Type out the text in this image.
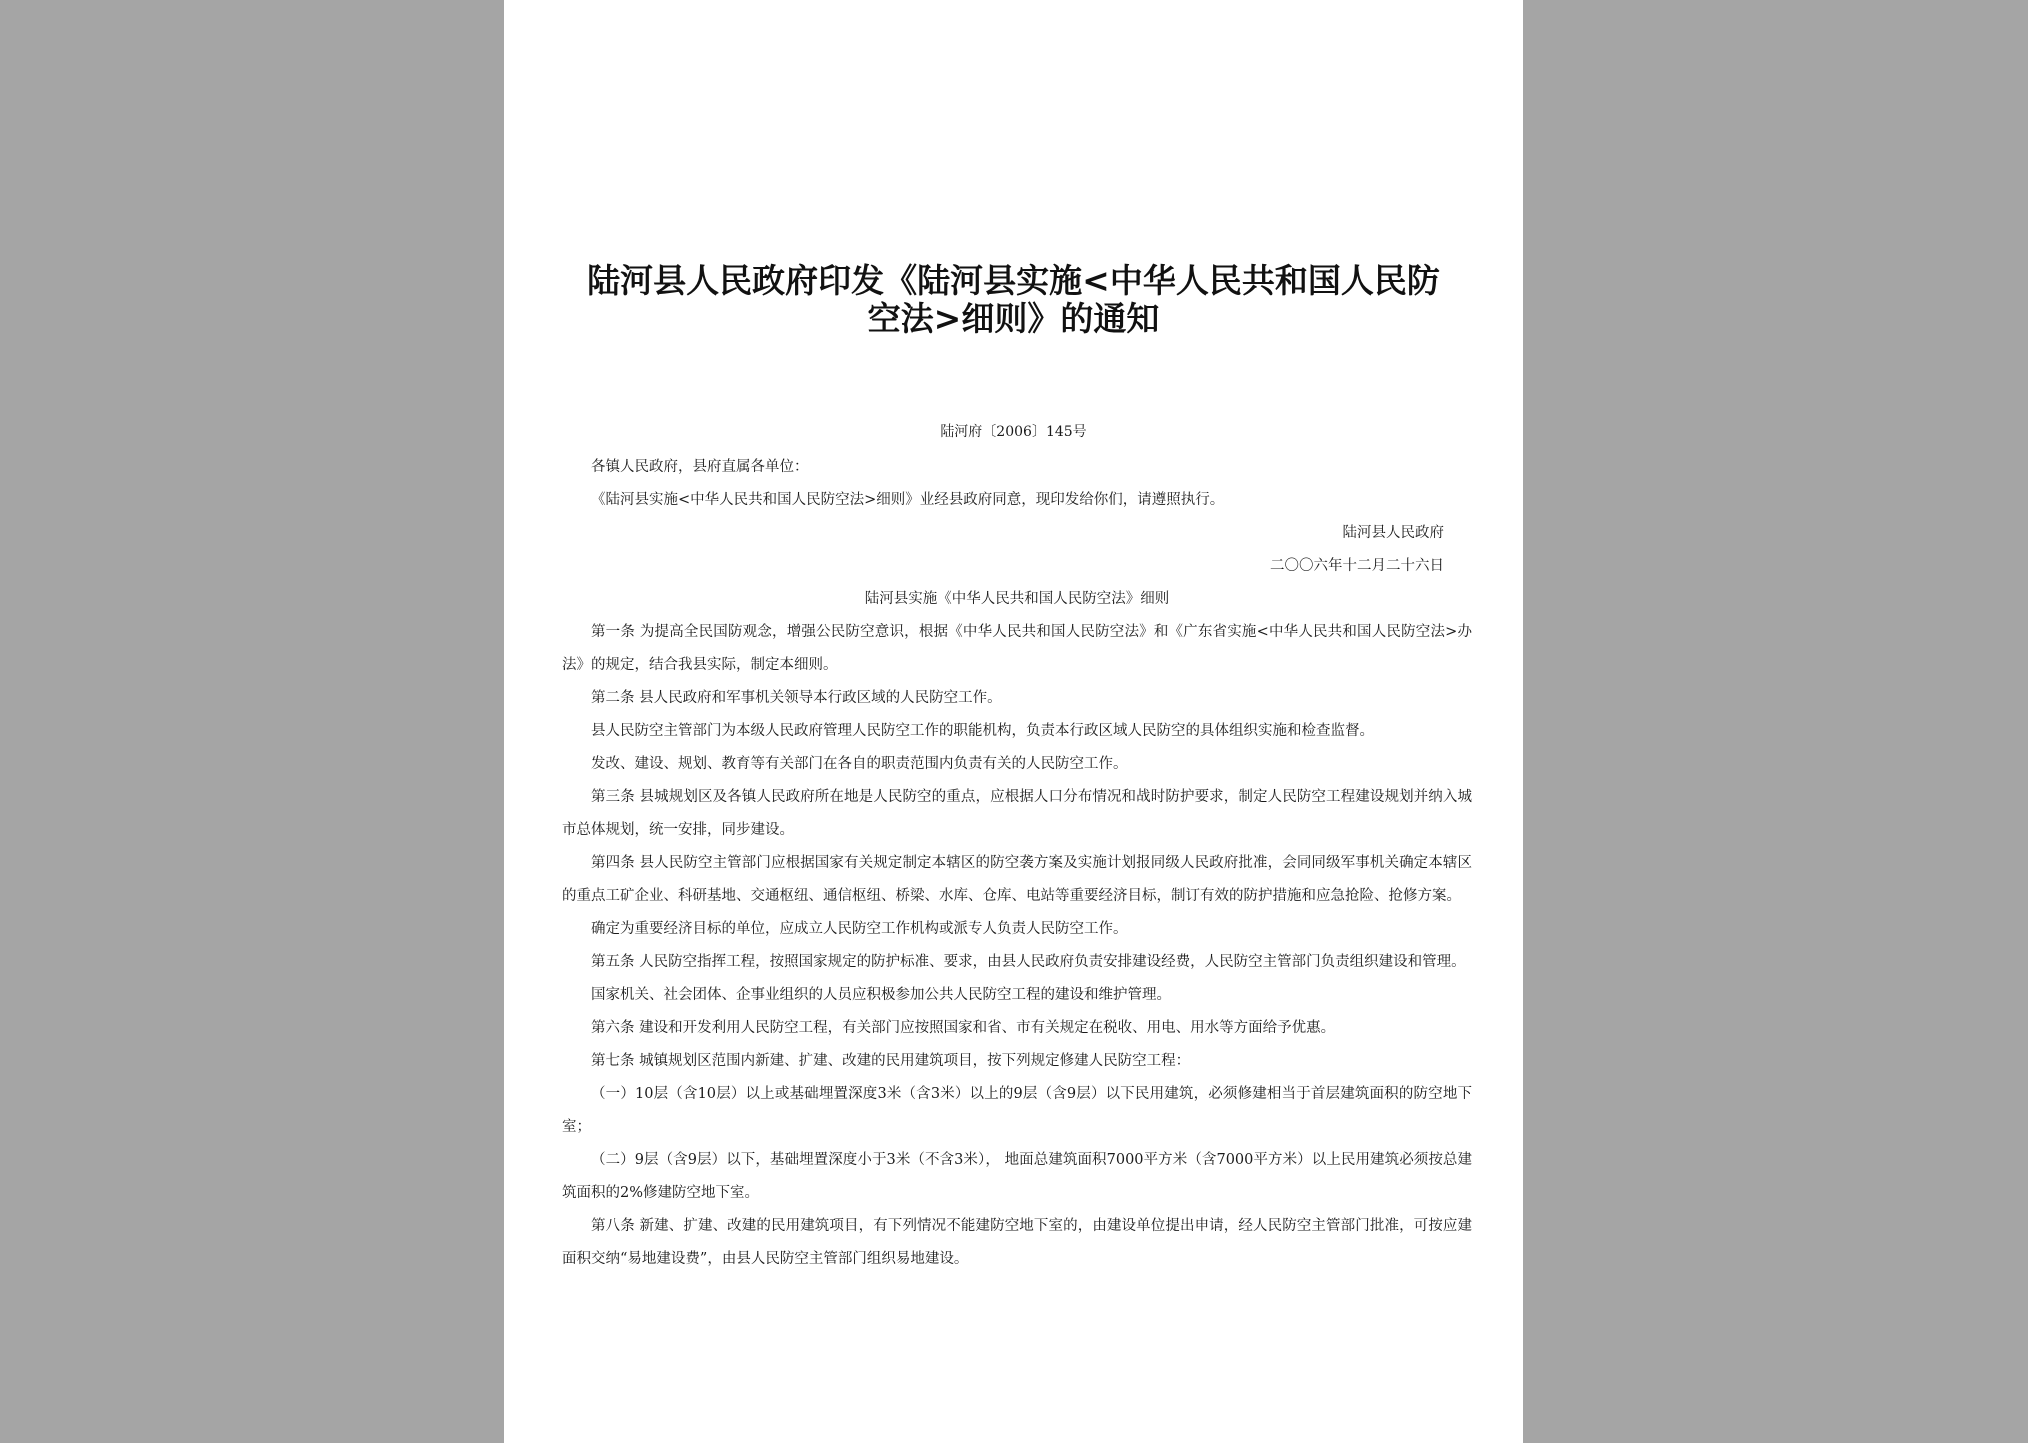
陆河县人民政府印发《陆河县实施<中华人民共和国人民防空法>细则》的通知
陆河府〔2006〕145号

各镇人民政府，县府直属各单位：

《陆河县实施<中华人民共和国人民防空法>细则》业经县政府同意，现印发给你们，请遵照执行。

陆河县人民政府

二〇〇六年十二月二十六日

陆河县实施《中华人民共和国人民防空法》细则

第一条 为提高全民国防观念，增强公民防空意识，根据《中华人民共和国人民防空法》和《广东省实施<中华人民共和国人民防空法>办法》的规定，结合我县实际，制定本细则。

第二条 县人民政府和军事机关领导本行政区域的人民防空工作。

县人民防空主管部门为本级人民政府管理人民防空工作的职能机构，负责本行政区域人民防空的具体组织实施和检查监督。

发改、建设、规划、教育等有关部门在各自的职责范围内负责有关的人民防空工作。

第三条 县城规划区及各镇人民政府所在地是人民防空的重点，应根据人口分布情况和战时防护要求，制定人民防空工程建设规划并纳入城市总体规划，统一安排，同步建设。

第四条 县人民防空主管部门应根据国家有关规定制定本辖区的防空袭方案及实施计划报同级人民政府批准，会同同级军事机关确定本辖区的重点工矿企业、科研基地、交通枢纽、通信枢纽、桥梁、水库、仓库、电站等重要经济目标，制订有效的防护措施和应急抢险、抢修方案。

确定为重要经济目标的单位，应成立人民防空工作机构或派专人负责人民防空工作。

第五条 人民防空指挥工程，按照国家规定的防护标准、要求，由县人民政府负责安排建设经费，人民防空主管部门负责组织建设和管理。

国家机关、社会团体、企事业组织的人员应积极参加公共人民防空工程的建设和维护管理。

第六条 建设和开发利用人民防空工程，有关部门应按照国家和省、市有关规定在税收、用电、用水等方面给予优惠。

第七条 城镇规划区范围内新建、扩建、改建的民用建筑项目，按下列规定修建人民防空工程：

（一）10层（含10层）以上或基础埋置深度3米（含3米）以上的9层（含9层）以下民用建筑，必须修建相当于首层建筑面积的防空地下室；

（二）9层（含9层）以下，基础埋置深度小于3米（不含3米）， 地面总建筑面积7000平方米（含7000平方米）以上民用建筑必须按总建筑面积的2%修建防空地下室。

第八条 新建、扩建、改建的民用建筑项目，有下列情况不能建防空地下室的，由建设单位提出申请，经人民防空主管部门批准，可按应建面积交纳“易地建设费”，由县人民防空主管部门组织易地建设。
